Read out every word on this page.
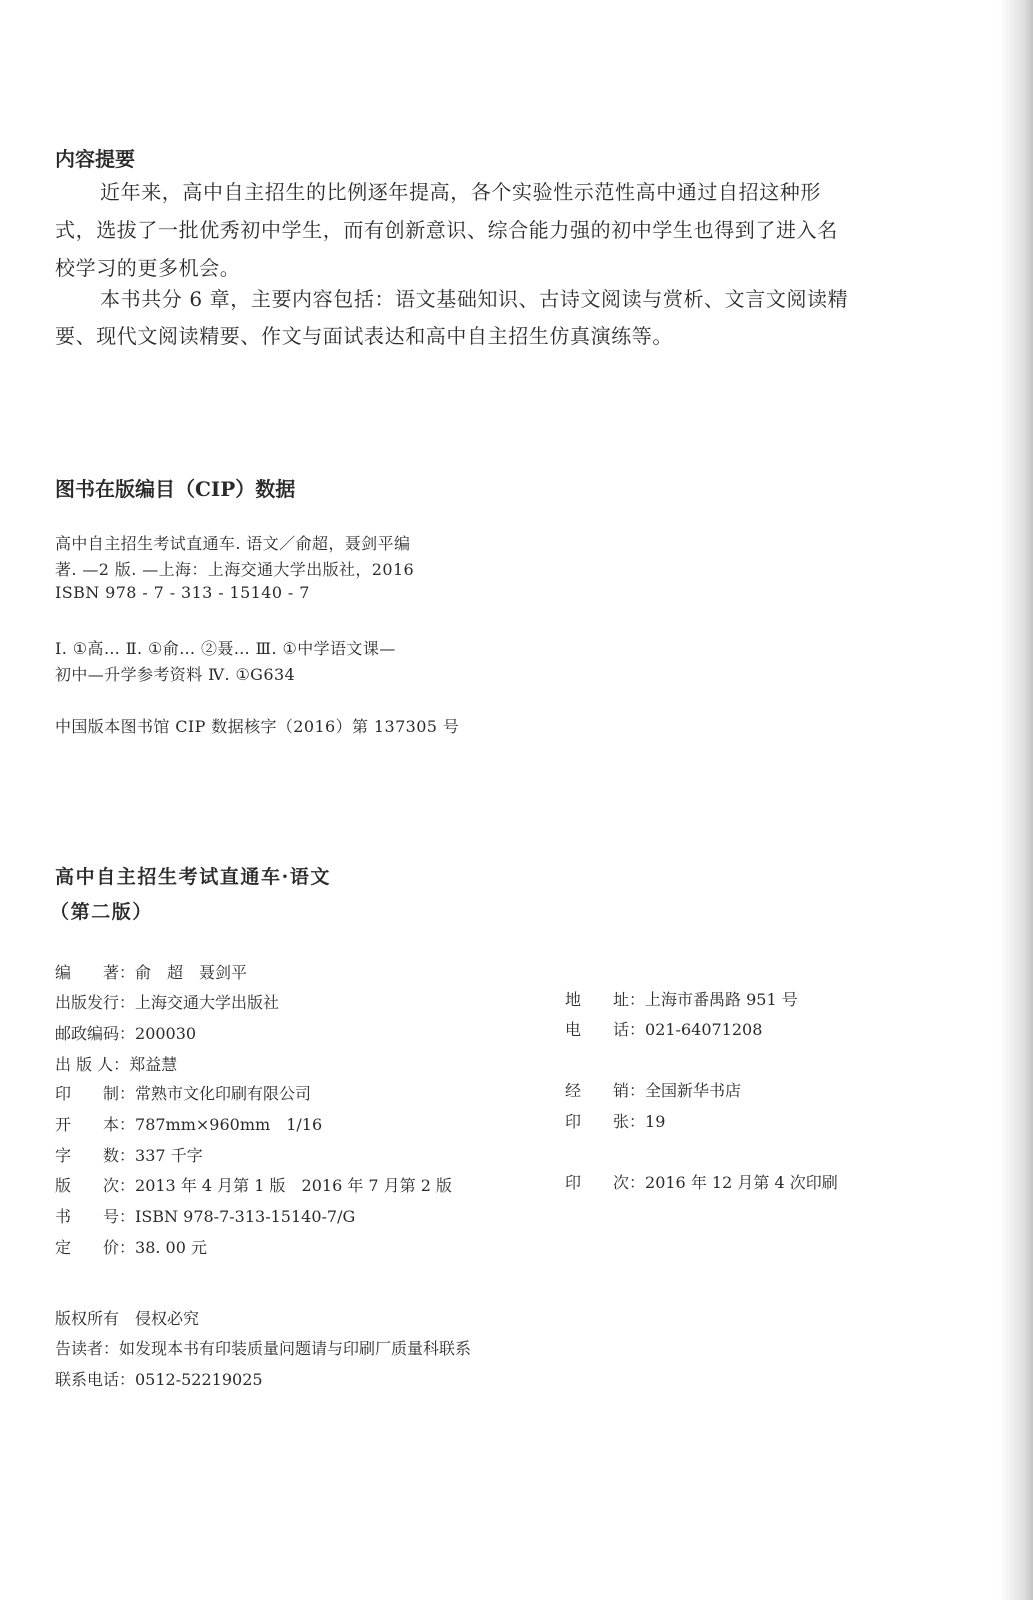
内容提要
近年来，高中自主招生的比例逐年提高，各个实验性示范性高中通过自招这种形
式，选拔了一批优秀初中学生，而有创新意识、综合能力强的初中学生也得到了进入名
校学习的更多机会。
本书共分 6 章，主要内容包括：语文基础知识、古诗文阅读与赏析、文言文阅读精
要、现代文阅读精要、作文与面试表达和高中自主招生仿真演练等。
图书在版编目（CIP）数据
高中自主招生考试直通车. 语文／俞超，聂剑平编
著. —2 版. —上海：上海交通大学出版社，2016
ISBN 978 - 7 - 313 - 15140 - 7
Ⅰ. ①高… Ⅱ. ①俞… ②聂… Ⅲ. ①中学语文课—
初中—升学参考资料 Ⅳ. ①G634
中国版本图书馆 CIP 数据核字（2016）第 137305 号
高中自主招生考试直通车·语文
（第二版）
编　　著：俞　超　聂剑平
出版发行：上海交通大学出版社
邮政编码：200030
出 版 人：郑益慧
印　　制：常熟市文化印刷有限公司
开　　本：787mm×960mm　1/16
字　　数：337 千字
版　　次：2013 年 4 月第 1 版　2016 年 7 月第 2 版
书　　号：ISBN 978-7-313-15140-7/G
定　　价：38. 00 元
地　　址：上海市番禺路 951 号
电　　话：021-64071208
经　　销：全国新华书店
印　　张：19
印　　次：2016 年 12 月第 4 次印刷
版权所有　侵权必究
告读者：如发现本书有印装质量问题请与印刷厂质量科联系
联系电话：0512-52219025
